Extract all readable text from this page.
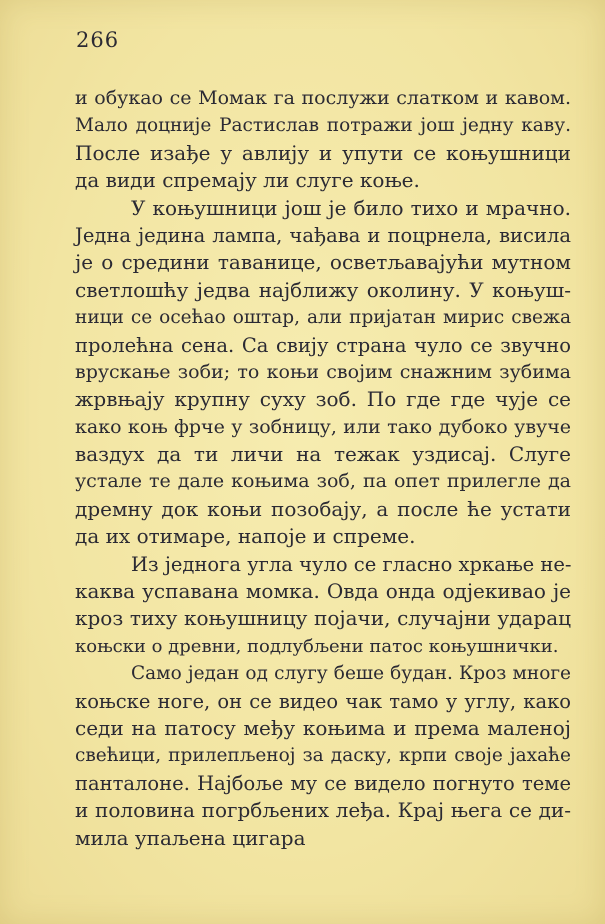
266
и обукао се Момак га послужи слатком и кавом.
Мало доцније Растислав потражи још једну каву.
После изађе у авлију и упути се коњушници
да види спремају ли слуге коње.
У коњушници још је било тихо и мрачно.
Једна једина лампа, чађава и поцрнела, висила
је о средини таванице, осветљавајући мутном
светлошћу једва најближу околину. У коњуш-
ници се осећао оштар, али пријатан мирис свежа
пролећна сена. Са свију страна чуло се звучно
вруcкање зоби; то коњи својим снажним зубима
жрвњају крупну суху зоб. По где где чује се
како коњ фрче у зобницу, или тако дубоко увуче
ваздух да ти личи на тежак уздисај. Слуге
устале те дале коњима зоб, па опет прилегле да
дремну док коњи позобају, а после ће устати
да их отимаре, напоје и спреме.
Из једнога угла чуло се гласно хркање не-
каква успавана момка. Овда онда одјекивао је
кроз тиху коњушницу појачи, случајни ударац
коњски о древни, подлубљени патос коњушнички.
Само један од слугу беше будан. Кроз многе
коњске ноге, он се видео чак тамо у углу, како
седи на патосу међу коњима и према маленој
свећици, прилепљеној за даску, крпи своје јахаће
панталоне. Најбоље му се видело погнуто теме
и половина погрбљених леђа. Крај њега се ди-
мила упаљена цигара
